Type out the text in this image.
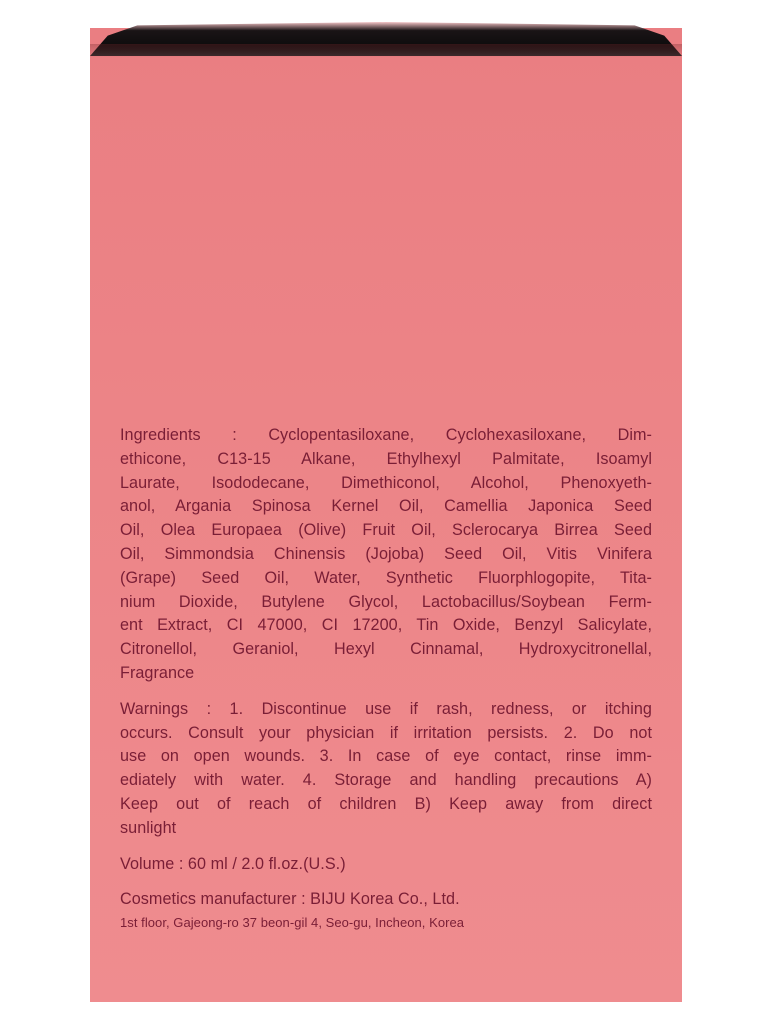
Ingredients : Cyclopentasiloxane, Cyclohexasiloxane, Dim-
ethicone, C13-15 Alkane, Ethylhexyl Palmitate, Isoamyl
Laurate, Isododecane, Dimethiconol, Alcohol, Phenoxyeth-
anol, Argania Spinosa Kernel Oil, Camellia Japonica Seed
Oil, Olea Europaea (Olive) Fruit Oil, Sclerocarya Birrea Seed
Oil, Simmondsia Chinensis (Jojoba) Seed Oil, Vitis Vinifera
(Grape) Seed Oil, Water, Synthetic Fluorphlogopite, Tita-
nium Dioxide, Butylene Glycol, Lactobacillus/Soybean Ferm-
ent Extract, CI 47000, CI 17200, Tin Oxide, Benzyl Salicylate,
Citronellol, Geraniol, Hexyl Cinnamal, Hydroxycitronellal,
Fragrance
Warnings : 1. Discontinue use if rash, redness, or itching
occurs. Consult your physician if irritation persists. 2. Do not
use on open wounds. 3. In case of eye contact, rinse imm-
ediately with water. 4. Storage and handling precautions A)
Keep out of reach of children B) Keep away from direct
sunlight
Volume : 60 ml / 2.0 fl.oz.(U.S.)
Cosmetics manufacturer : BIJU Korea Co., Ltd.
1st floor, Gajeong-ro 37 beon-gil 4, Seo-gu, Incheon, Korea
